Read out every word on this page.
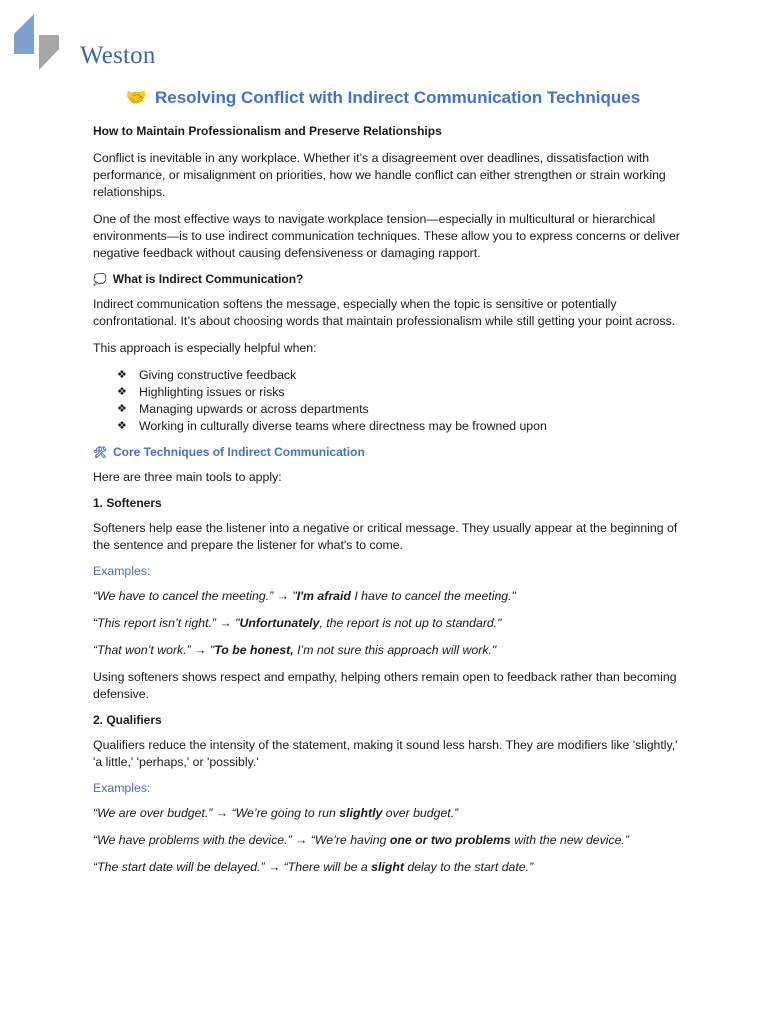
Weston
🤝 Resolving Conflict with Indirect Communication Techniques
How to Maintain Professionalism and Preserve Relationships

Conflict is inevitable in any workplace. Whether it’s a disagreement over deadlines, dissatisfaction with performance, or misalignment on priorities, how we handle conflict can either strengthen or strain working relationships.

One of the most effective ways to navigate workplace tension—especially in multicultural or hierarchical environments—is to use indirect communication techniques. These allow you to express concerns or deliver negative feedback without causing defensiveness or damaging rapport.

💭 What is Indirect Communication?

Indirect communication softens the message, especially when the topic is sensitive or potentially confrontational. It’s about choosing words that maintain professionalism while still getting your point across.

This approach is especially helpful when:

❖ Giving constructive feedback
❖ Highlighting issues or risks
❖ Managing upwards or across departments
❖ Working in culturally diverse teams where directness may be frowned upon
🛠 Core Techniques of Indirect Communication

Here are three main tools to apply:

1. Softeners

Softeners help ease the listener into a negative or critical message. They usually appear at the beginning of the sentence and prepare the listener for what's to come.

Examples:
“We have to cancel the meeting.” → "I'm afraid I have to cancel the meeting."
“This report isn’t right.” → "Unfortunately, the report is not up to standard."
“That won’t work.” → "To be honest, I’m not sure this approach will work."

Using softeners shows respect and empathy, helping others remain open to feedback rather than becoming defensive.

2. Qualifiers

Qualifiers reduce the intensity of the statement, making it sound less harsh. They are modifiers like 'slightly,' 'a little,' 'perhaps,' or 'possibly.'

Examples:
“We are over budget.” → “We’re going to run slightly over budget.”
“We have problems with the device.” → “We’re having one or two problems with the new device.”
“The start date will be delayed.” → “There will be a slight delay to the start date.”
